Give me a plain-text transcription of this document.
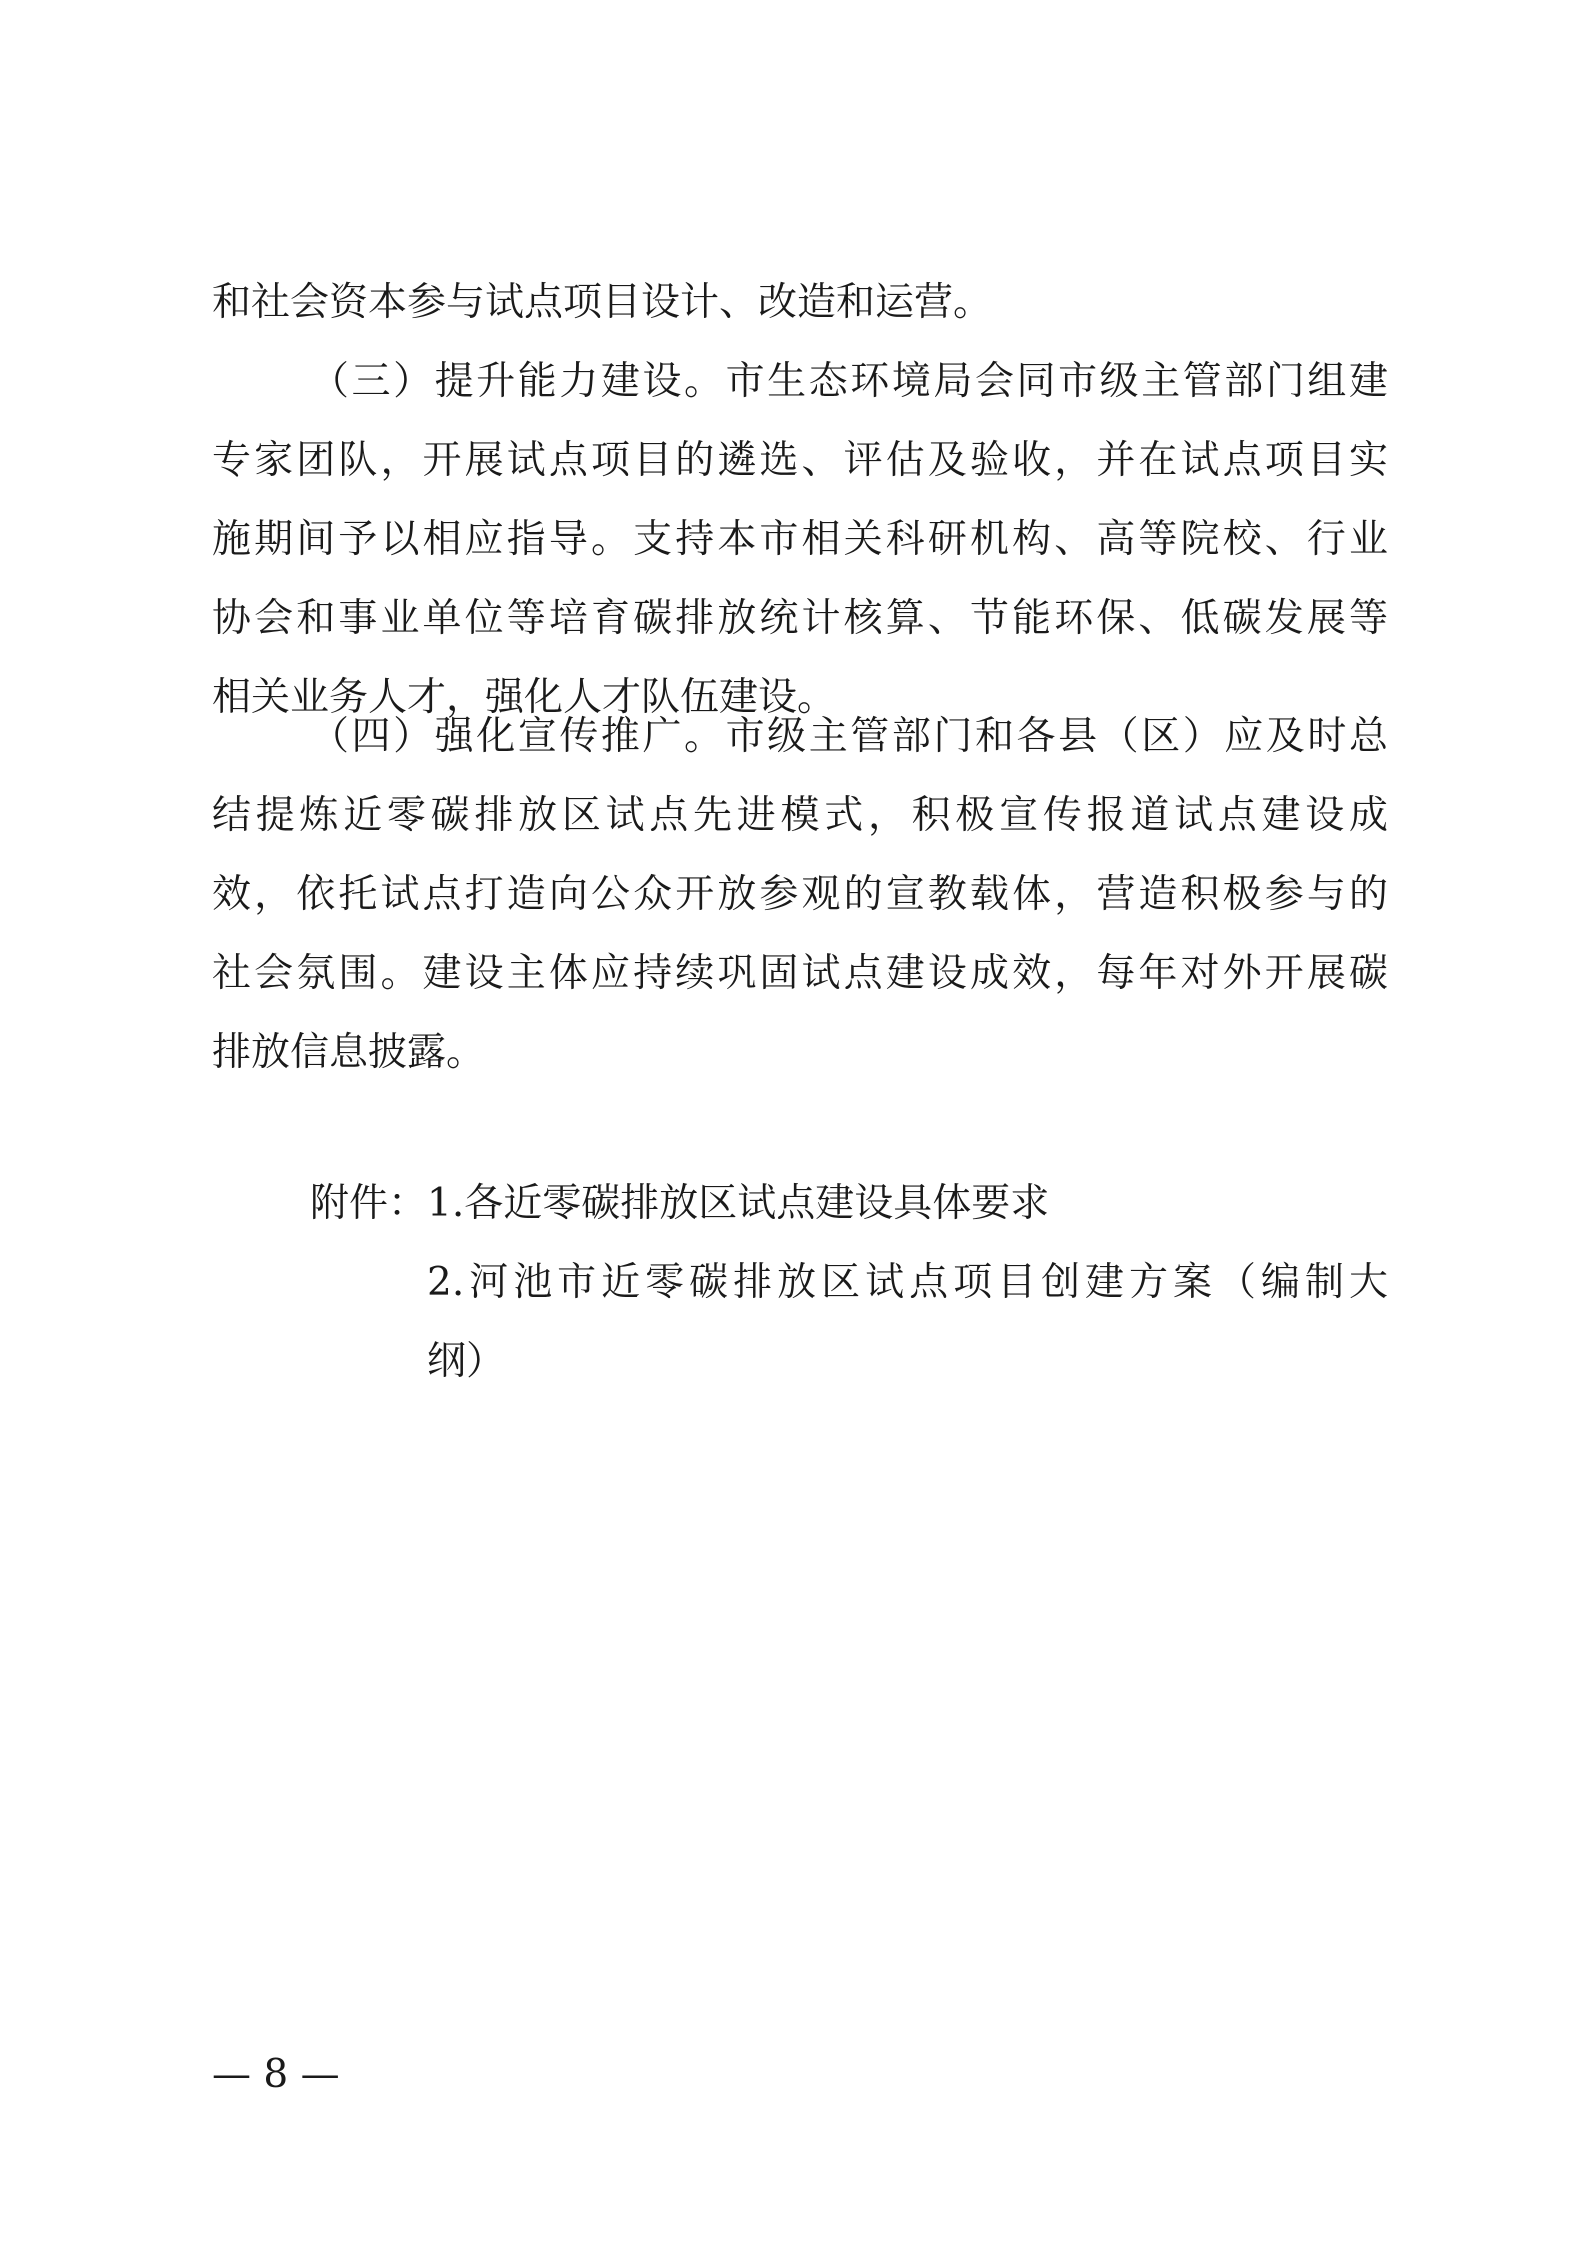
和社会资本参与试点项目设计、改造和运营。
（三）提升能力建设。市生态环境局会同市级主管部门组建
专家团队，开展试点项目的遴选、评估及验收，并在试点项目实
施期间予以相应指导。支持本市相关科研机构、高等院校、行业
协会和事业单位等培育碳排放统计核算、节能环保、低碳发展等
相关业务人才，强化人才队伍建设。
（四）强化宣传推广。市级主管部门和各县（区）应及时总
结提炼近零碳排放区试点先进模式，积极宣传报道试点建设成
效，依托试点打造向公众开放参观的宣教载体，营造积极参与的
社会氛围。建设主体应持续巩固试点建设成效，每年对外开展碳
排放信息披露。
附件：1.各近零碳排放区试点建设具体要求
2.河池市近零碳排放区试点项目创建方案（编制大
纲）
— 8 —
